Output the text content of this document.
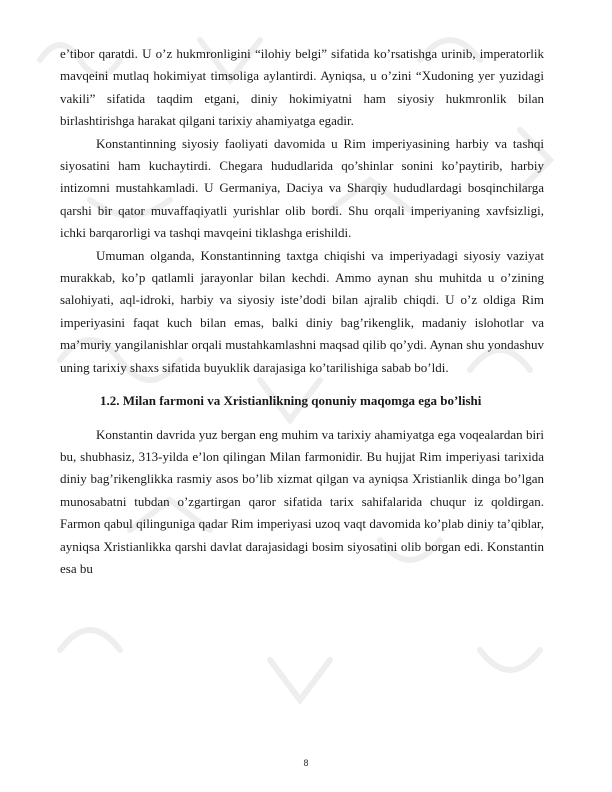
e’tibor qaratdi. U o’z hukmronligini “ilohiy belgi” sifatida ko’rsatishga urinib, imperatorlik mavqeini mutlaq hokimiyat timsoliga aylantirdi. Ayniqsa, u o’zini “Xudoning yer yuzidagi vakili” sifatida taqdim etgani, diniy hokimiyatni ham siyosiy hukmronlik bilan birlashtirishga harakat qilgani tarixiy ahamiyatga egadir.

Konstantinning siyosiy faoliyati davomida u Rim imperiyasining harbiy va tashqi siyosatini ham kuchaytirdi. Chegara hududlarida qo’shinlar sonini ko’paytirib, harbiy intizomni mustahkamladi. U Germaniya, Daciya va Sharqiy hududlardagi bosqinchilarga qarshi bir qator muvaffaqiyatli yurishlar olib bordi. Shu orqali imperiyaning xavfsizligi, ichki barqarorligi va tashqi mavqeini tiklashga erishildi.

Umuman olganda, Konstantinning taxtga chiqishi va imperiyadagi siyosiy vaziyat murakkab, ko’p qatlamli jarayonlar bilan kechdi. Ammo aynan shu muhitda u o’zining salohiyati, aql-idroki, harbiy va siyosiy iste’dodi bilan ajralib chiqdi. U o’z oldiga Rim imperiyasini faqat kuch bilan emas, balki diniy bag’rikenglik, madaniy islohotlar va ma’muriy yangilanishlar orqali mustahkamlashni maqsad qilib qo’ydi. Aynan shu yondashuv uning tarixiy shaxs sifatida buyuklik darajasiga ko’tarilishiga sabab bo’ldi.

1.2. Milan farmoni va Xristianlikning qonuniy maqomga ega bo’lishi

Konstantin davrida yuz bergan eng muhim va tarixiy ahamiyatga ega voqealardan biri bu, shubhasiz, 313-yilda e’lon qilingan Milan farmonidir. Bu hujjat Rim imperiyasi tarixida diniy bag’rikenglikka rasmiy asos bo’lib xizmat qilgan va ayniqsa Xristianlik dinga bo’lgan munosabatni tubdan o’zgartirgan qaror sifatida tarix sahifalarida chuqur iz qoldirgan. Farmon qabul qilinguniga qadar Rim imperiyasi uzoq vaqt davomida ko’plab diniy ta’qiblar, ayniqsa Xristianlikka qarshi davlat darajasidagi bosim siyosatini olib borgan edi. Konstantin esa bu

8
